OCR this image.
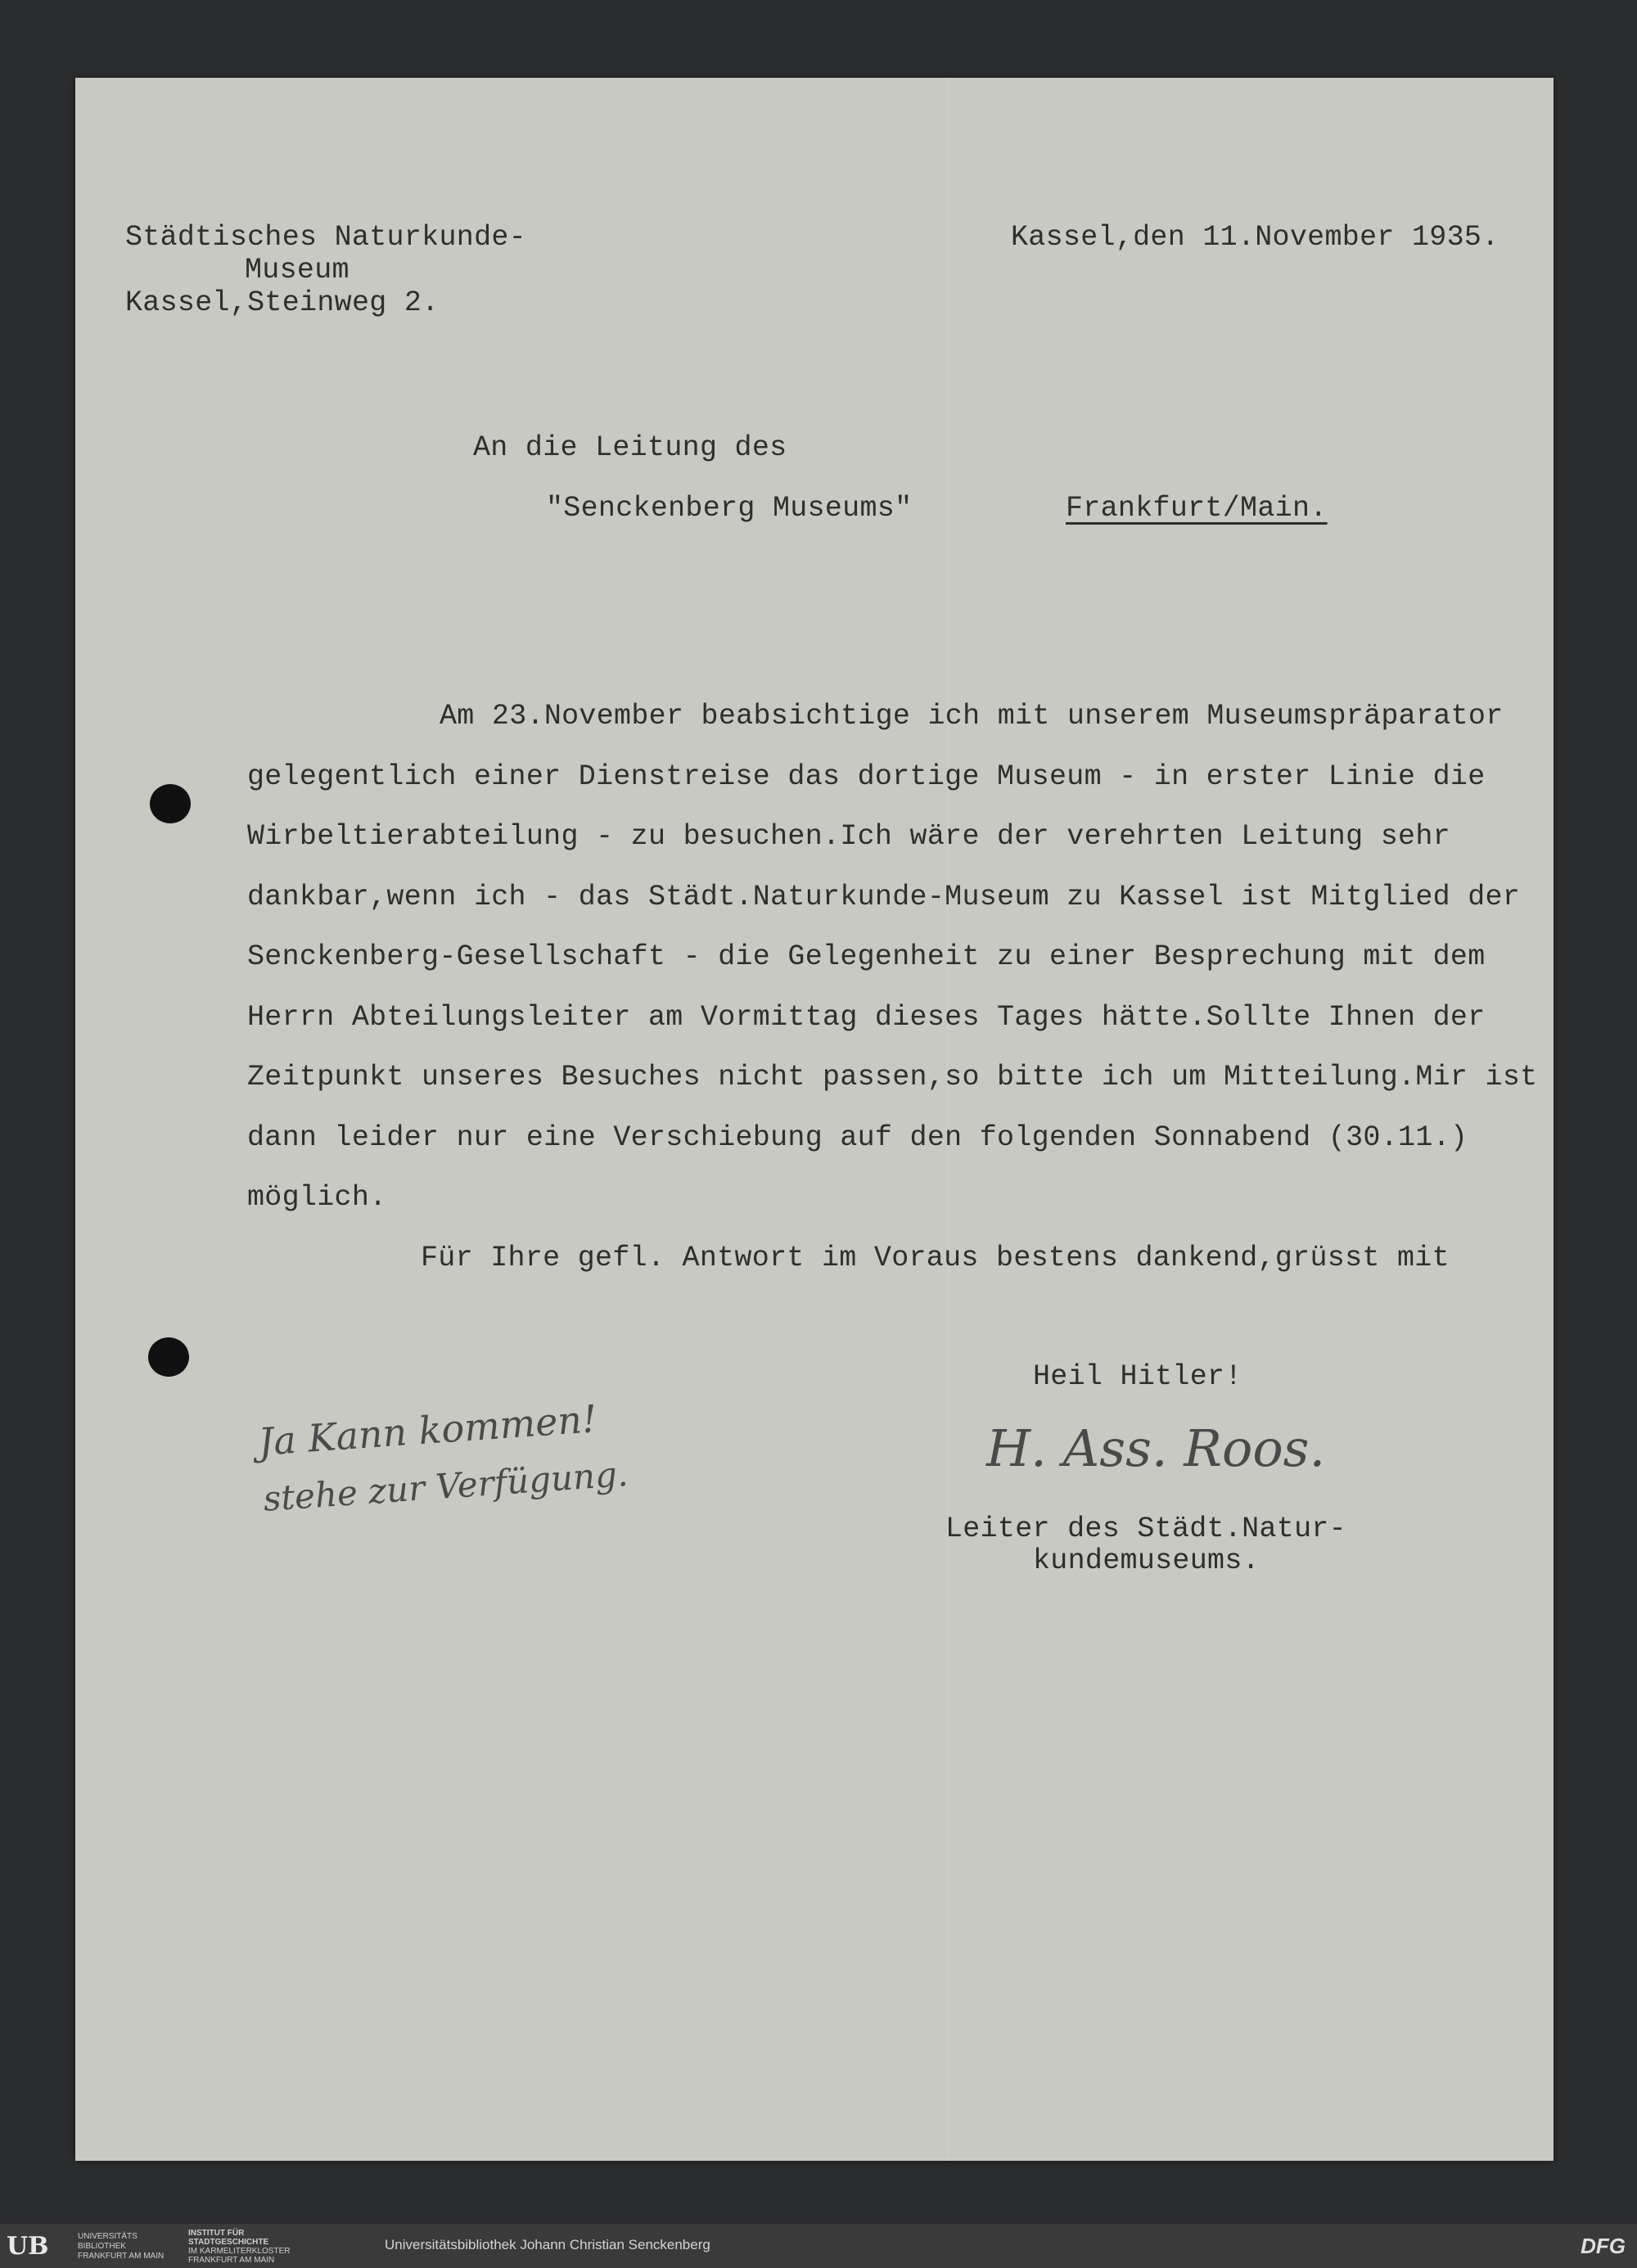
Städtisches Naturkunde-

Museum

Kassel,Steinweg 2.

Kassel,den 11.November 1935.

An die Leitung des

"Senckenberg Museums"	Frankfurt/Main.

Am 23.November beabsichtige ich mit unserem Museumspräparator

gelegentlich einer Dienstreise das dortige Museum - in erster Linie die

Wirbeltierabteilung - zu besuchen.Ich wäre der verehrten Leitung sehr

dankbar,wenn ich - das Städt.Naturkunde-Museum zu Kassel ist Mitglied der

Senckenberg-Gesellschaft - die Gelegenheit zu einer Besprechung mit dem

Herrn Abteilungsleiter am Vormittag dieses Tages hätte.Sollte Ihnen der

Zeitpunkt unseres Besuches nicht passen,so bitte ich um Mitteilung.Mir ist

dann leider nur eine Verschiebung auf den folgenden Sonnabend (30.11.)

möglich.

Für Ihre gefl. Antwort im Voraus bestens dankend,grüsst mit

Heil Hitler!

H. Ass. Roos.

Leiter des Städt.Natur-

kundemuseums.

Ja Kann kommen!

stehe zur Verfügung.

UB	UNIVERSITÄTS
BIBLIOTHEK
FRANKFURT AM MAIN
INSTITUT FÜR
STADTGESCHICHTE
IM KARMELITERKLOSTER
FRANKFURT AM MAIN
Universitätsbibliothek Johann Christian Senckenberg	DFG
